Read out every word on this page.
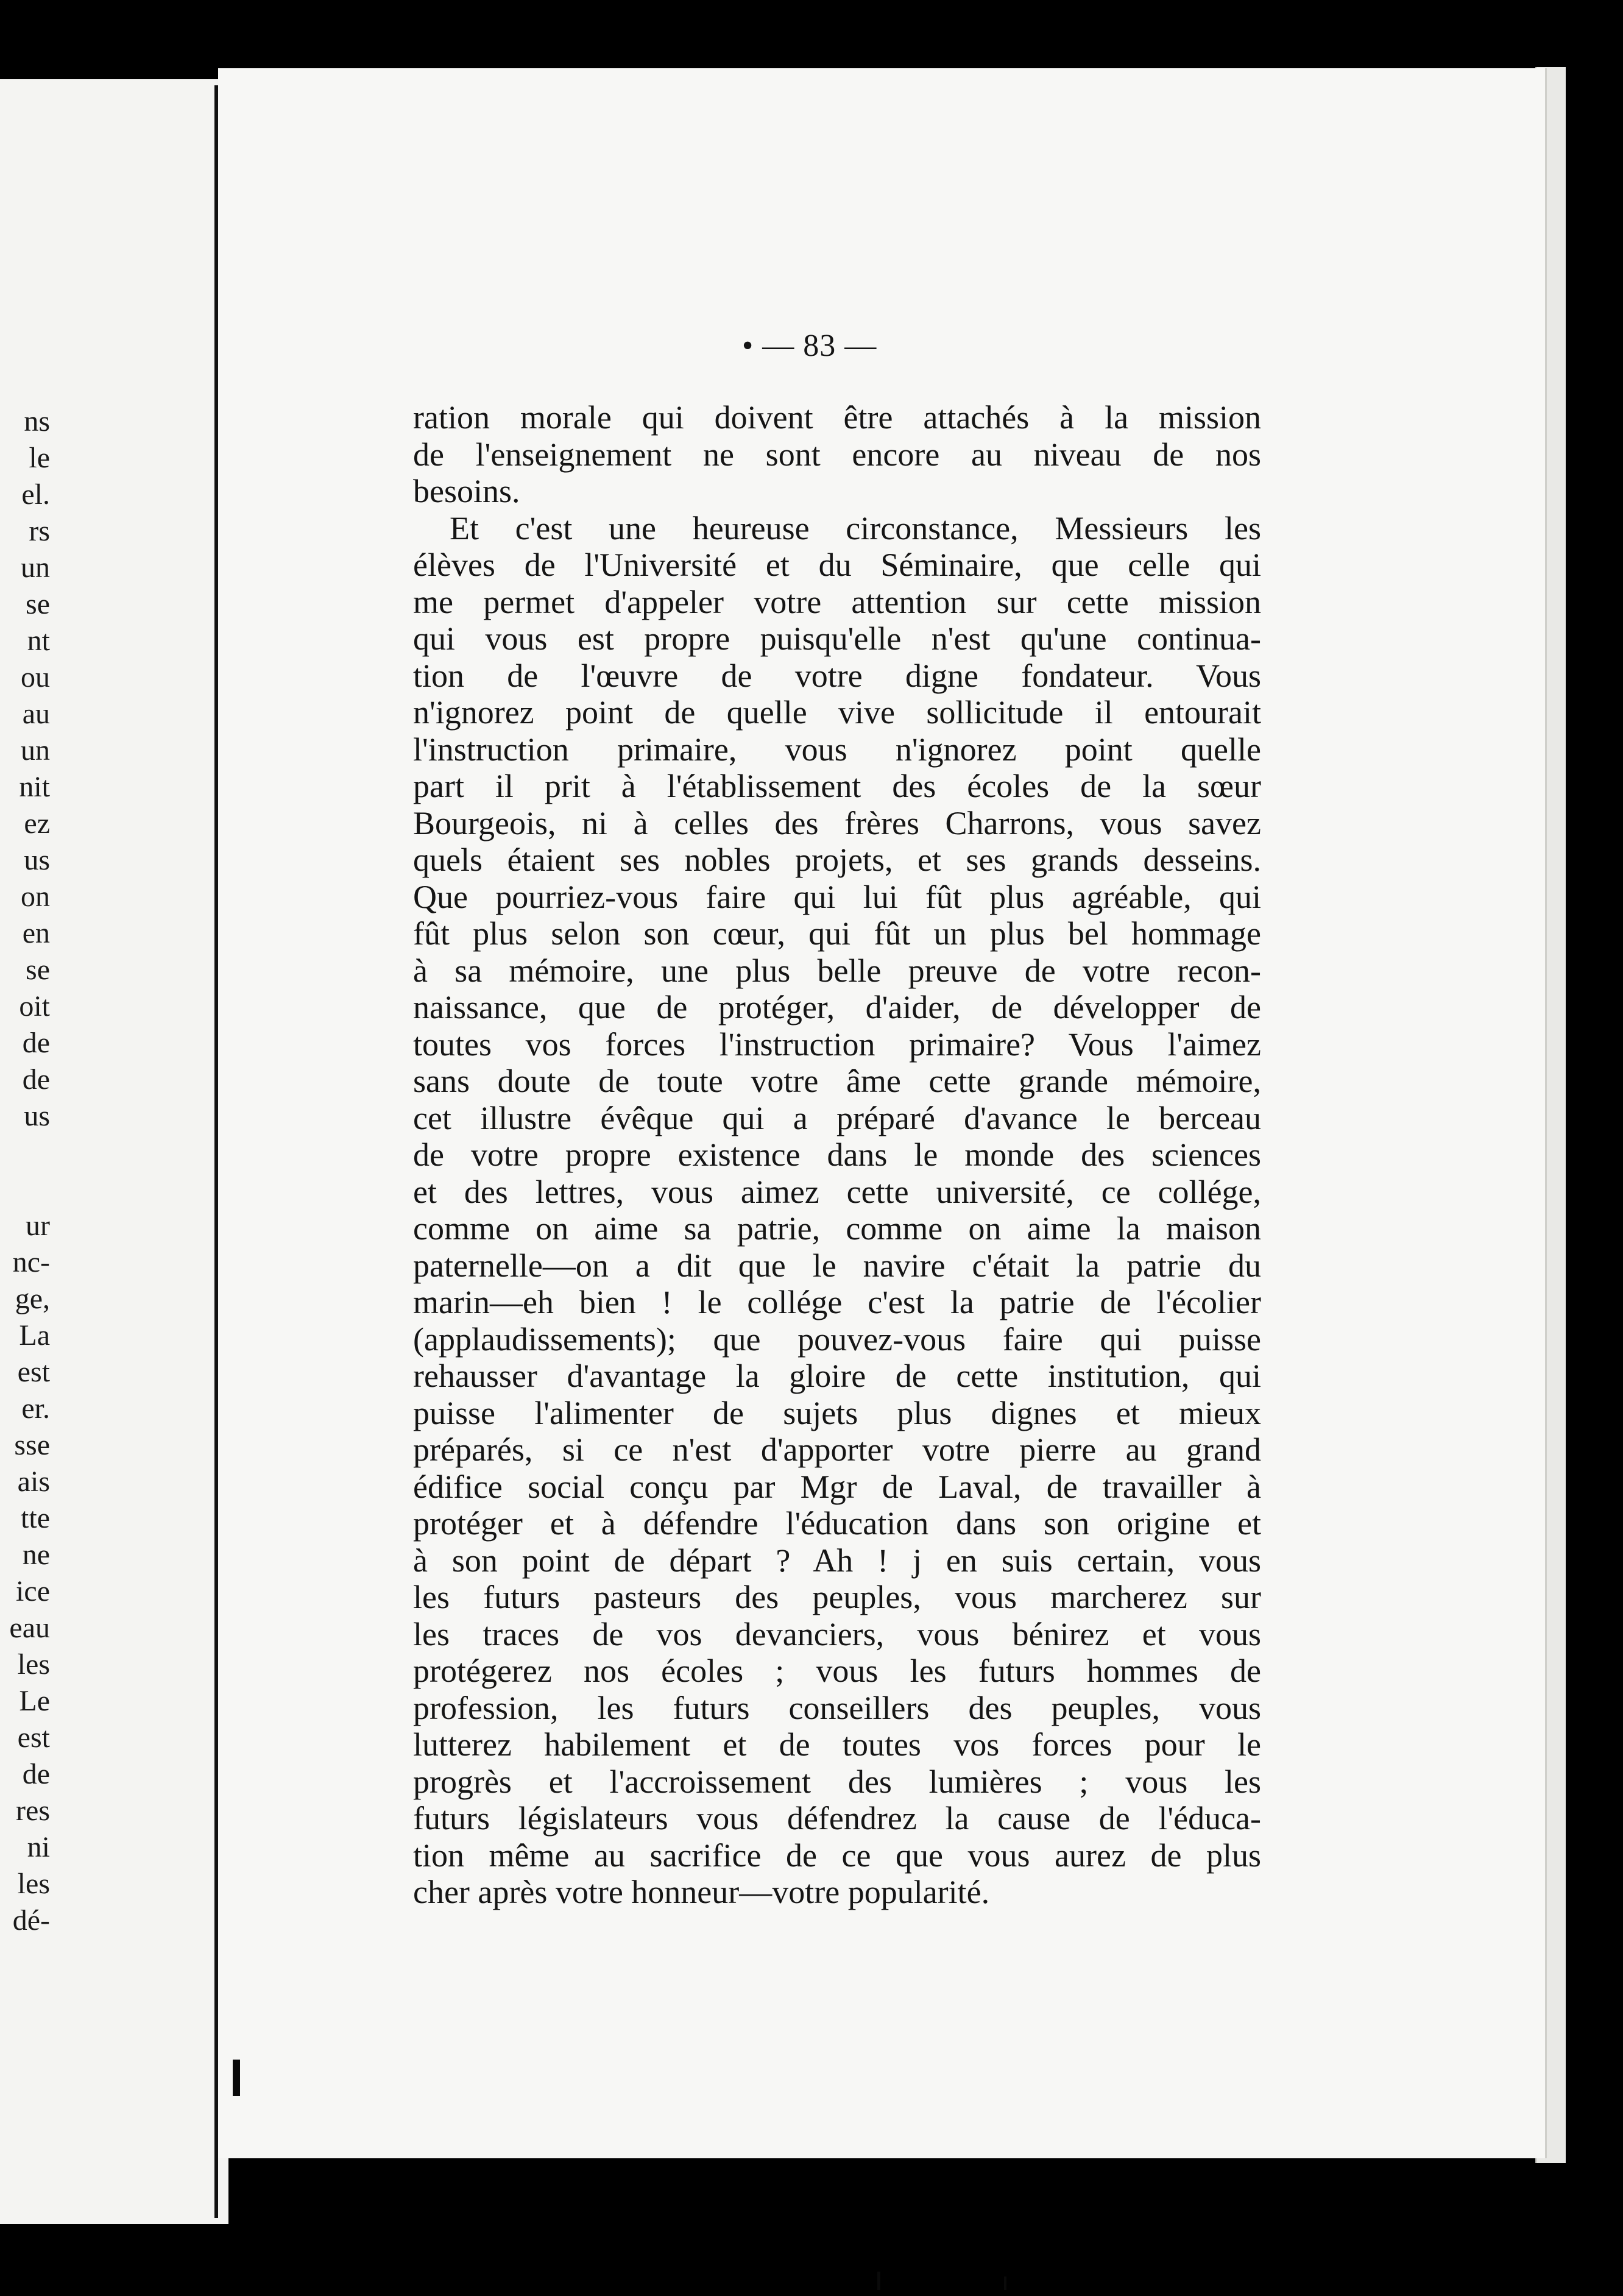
ns
le
el.
rs
un
se
nt
ou
au
un
nit
ez
us
on
en
se
oit
de
de
us
ur
nc-
ge,
La
est
er.
sse
ais
tte
ne
ice
eau
les
Le
est
de
res
ni
les
dé-
• — 83 —
ration morale qui doivent être attachés à la mission
de l'enseignement ne sont encore au niveau de nos
besoins.
Et c'est une heureuse circonstance, Messieurs les
élèves de l'Université et du Séminaire, que celle qui
me permet d'appeler votre attention sur cette mission
qui vous est propre puisqu'elle n'est qu'une continua-
tion de l'œuvre de votre digne fondateur. Vous
n'ignorez point de quelle vive sollicitude il entourait
l'instruction primaire, vous n'ignorez point quelle
part il prit à l'établissement des écoles de la sœur
Bourgeois, ni à celles des frères Charrons, vous savez
quels étaient ses nobles projets, et ses grands desseins.
Que pourriez-vous faire qui lui fût plus agréable, qui
fût plus selon son cœur, qui fût un plus bel hommage
à sa mémoire, une plus belle preuve de votre recon-
naissance, que de protéger, d'aider, de développer de
toutes vos forces l'instruction primaire? Vous l'aimez
sans doute de toute votre âme cette grande mémoire,
cet illustre évêque qui a préparé d'avance le berceau
de votre propre existence dans le monde des sciences
et des lettres, vous aimez cette université, ce collége,
comme on aime sa patrie, comme on aime la maison
paternelle—on a dit que le navire c'était la patrie du
marin—eh bien ! le collége c'est la patrie de l'écolier
(applaudissements); que pouvez-vous faire qui puisse
rehausser d'avantage la gloire de cette institution, qui
puisse l'alimenter de sujets plus dignes et mieux
préparés, si ce n'est d'apporter votre pierre au grand
édifice social conçu par Mgr de Laval, de travailler à
protéger et à défendre l'éducation dans son origine et
à son point de départ ? Ah ! j en suis certain, vous
les futurs pasteurs des peuples, vous marcherez sur
les traces de vos devanciers, vous bénirez et vous
protégerez nos écoles ; vous les futurs hommes de
profession, les futurs conseillers des peuples, vous
lutterez habilement et de toutes vos forces pour le
progrès et l'accroissement des lumières ; vous les
futurs législateurs vous défendrez la cause de l'éduca-
tion même au sacrifice de ce que vous aurez de plus
cher après votre honneur—votre popularité.
